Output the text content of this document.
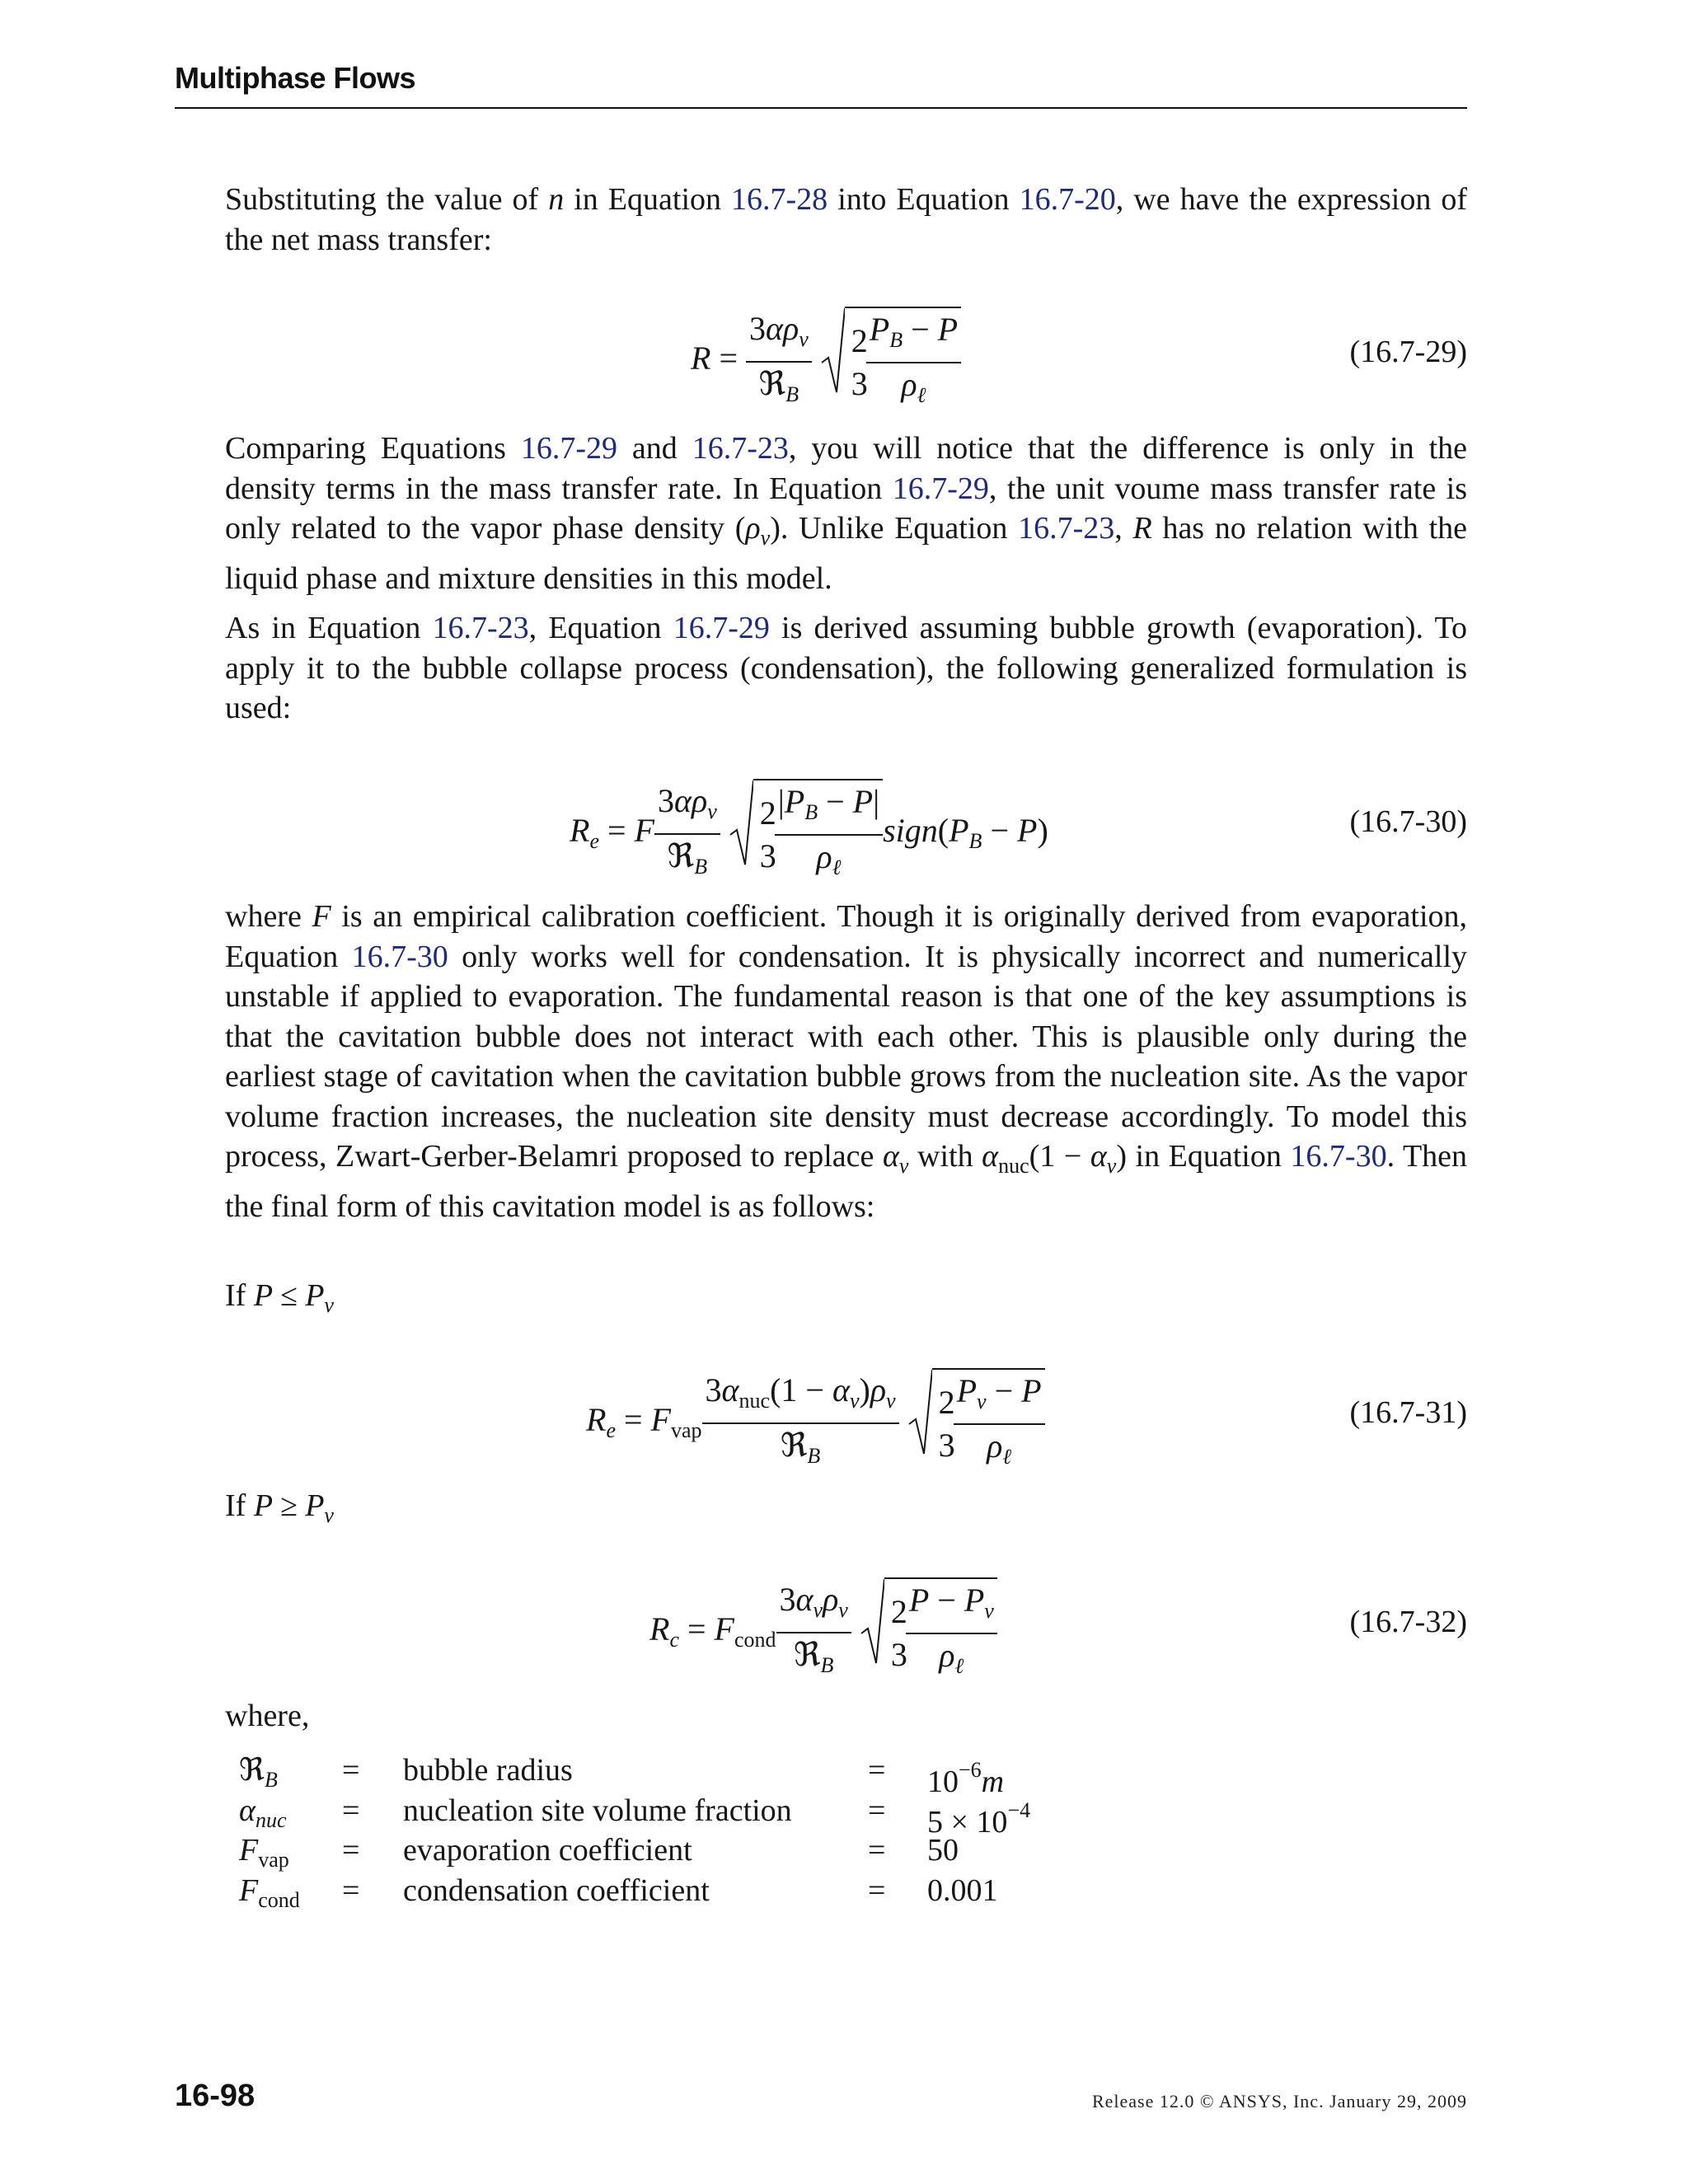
Multiphase Flows
Substituting the value of n in Equation 16.7-28 into Equation 16.7-20, we have the expression of the net mass transfer:
$R = \frac{3\alpha\rho_v}{ℜ_B}$
2
3
$\frac{P_B - P}{\rho_\ell}$	(16.7-29)
Comparing Equations 16.7-29 and 16.7-23, you will notice that the difference is only in the density terms in the mass transfer rate. In Equation 16.7-29, the unit voume mass transfer rate is only related to the vapor phase density $(\rho_v)$. Unlike Equation 16.7-23, R has no relation with the liquid phase and mixture densities in this model.
As in Equation 16.7-23, Equation 16.7-29 is derived assuming bubble growth (evaporation). To apply it to the bubble collapse process (condensation), the following generalized formulation is used:
$R_e = F \frac{3\alpha\rho_v}{ℜ_B}$
2
3
$\frac{|P_B - P|}{\rho_\ell}$ $sign(P_B - P)$	(16.7-30)
where F is an empirical calibration coefficient. Though it is originally derived from evaporation, Equation 16.7-30 only works well for condensation. It is physically incorrect and numerically unstable if applied to evaporation. The fundamental reason is that one of the key assumptions is that the cavitation bubble does not interact with each other. This is plausible only during the earliest stage of cavitation when the cavitation bubble grows from the nucleation site. As the vapor volume fraction increases, the nucleation site density must decrease accordingly. To model this process, Zwart-Gerber-Belamri proposed to replace $\alpha_v$ with $\alpha_{nuc}(1 - \alpha_v)$ in Equation 16.7-30. Then the final form of this cavitation model is as follows:
If $P \le P_v$
$R_e = F_{vap} \frac{3\alpha_{nuc}(1 - \alpha_v)\rho_v}{ℜ_B}$
2
3
$\frac{P_v - P}{\rho_\ell}$	(16.7-31)
If $P \ge P_v$
$R_c = F_{cond} \frac{3\alpha_v\rho_v}{ℜ_B}$
2
3
$\frac{P - P_v}{\rho_\ell}$	(16.7-32)
where,
ℜ$_B$ = bubble radius	= $10^{-6}m$
$\alpha_{nuc}$ = nucleation site volume fraction = $5 \times 10^{-4}$
$F_{vap}$ = evaporation coefficient	= 50
$F_{cond}$ = condensation coefficient	= 0.001
16-98	Release 12.0 © ANSYS, Inc. January 29, 2009
